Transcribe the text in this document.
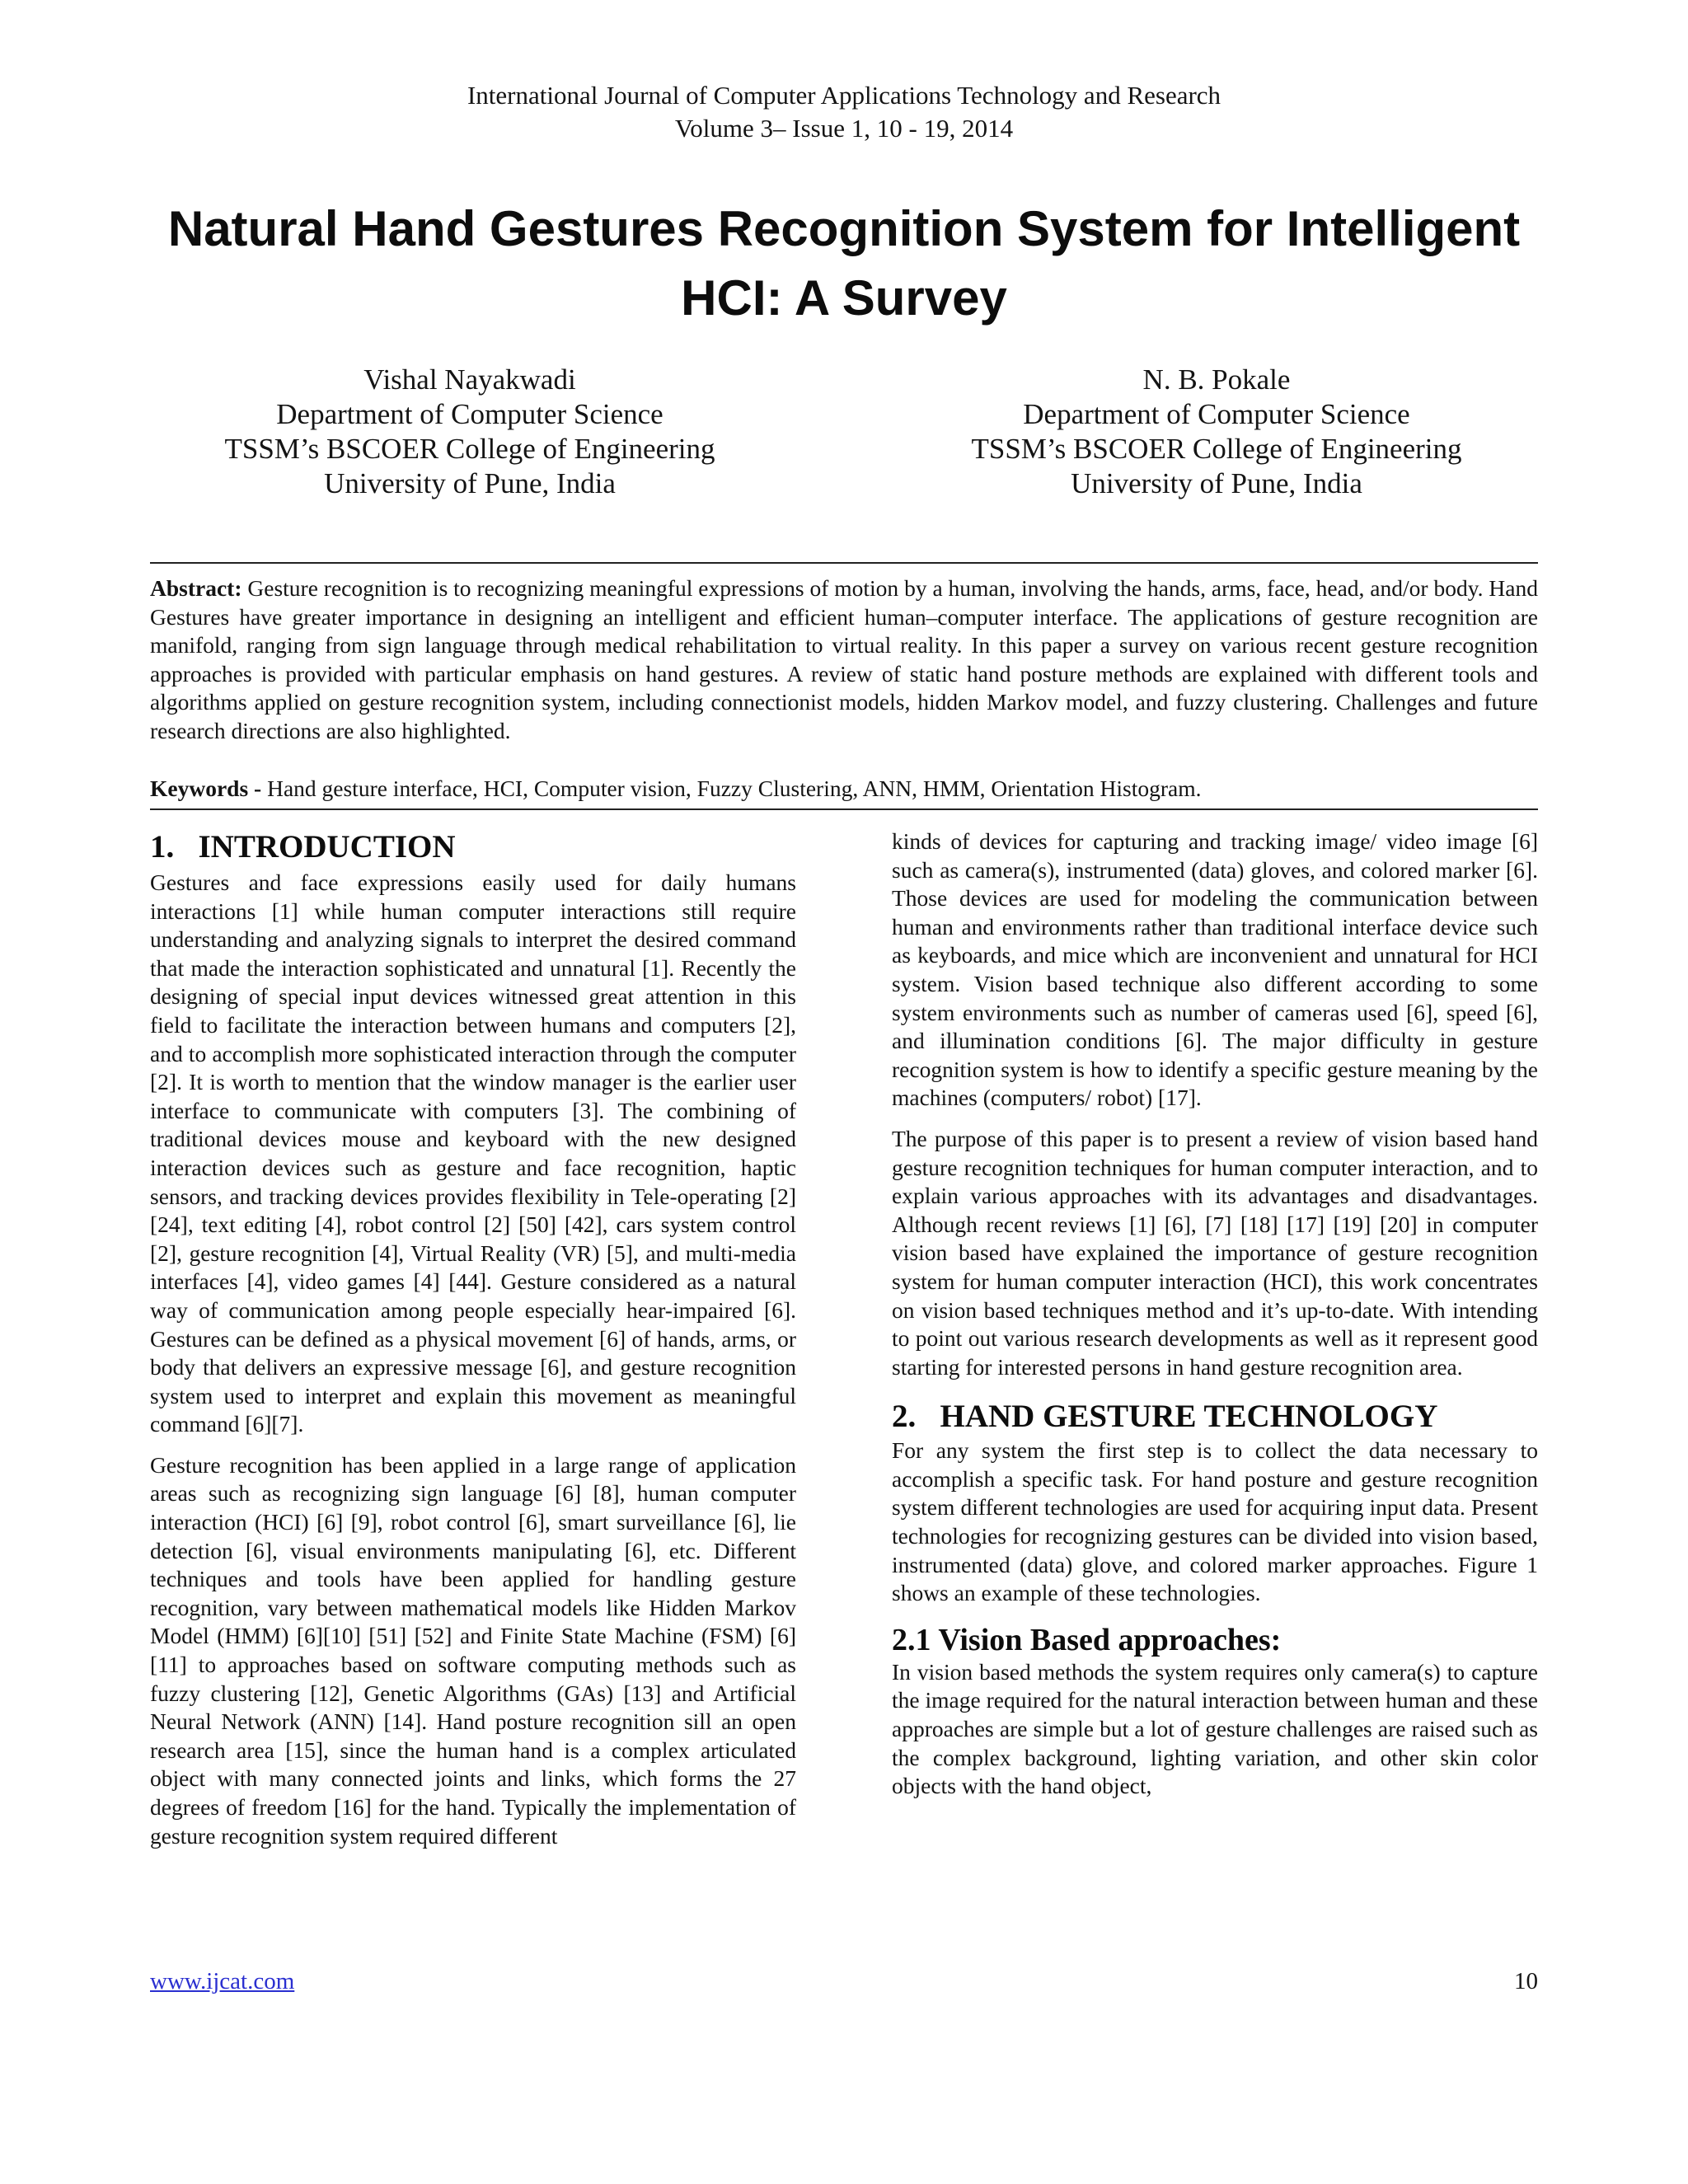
International Journal of Computer Applications Technology and Research
Volume 3– Issue 1, 10 - 19, 2014
Natural Hand Gestures Recognition System for Intelligent HCI: A Survey
Vishal Nayakwadi
Department of Computer Science
TSSM’s BSCOER College of Engineering
University of Pune, India
N. B. Pokale
Department of Computer Science
TSSM’s BSCOER College of Engineering
University of Pune, India

Abstract: Gesture recognition is to recognizing meaningful expressions of motion by a human, involving the hands, arms, face, head, and/or body. Hand Gestures have greater importance in designing an intelligent and efficient human–computer interface. The applications of gesture recognition are manifold, ranging from sign language through medical rehabilitation to virtual reality. In this paper a survey on various recent gesture recognition approaches is provided with particular emphasis on hand gestures. A review of static hand posture methods are explained with different tools and algorithms applied on gesture recognition system, including connectionist models, hidden Markov model, and fuzzy clustering. Challenges and future research directions are also highlighted.

Keywords - Hand gesture interface, HCI, Computer vision, Fuzzy Clustering, ANN, HMM, Orientation Histogram.

1.   INTRODUCTION

Gestures and face expressions easily used for daily humans interactions [1] while human computer interactions still require understanding and analyzing signals to interpret the desired command that made the interaction sophisticated and unnatural [1]. Recently the designing of special input devices witnessed great attention in this field to facilitate the interaction between humans and computers [2], and to accomplish more sophisticated interaction through the computer [2]. It is worth to mention that the window manager is the earlier user interface to communicate with computers [3]. The combining of traditional devices mouse and keyboard with the new designed interaction devices such as gesture and face recognition, haptic sensors, and tracking devices provides flexibility in Tele-operating [2] [24], text editing [4], robot control [2] [50] [42], cars system control [2], gesture recognition [4], Virtual Reality (VR) [5], and multi-media interfaces [4], video games [4] [44]. Gesture considered as a natural way of communication among people especially hear-impaired [6]. Gestures can be defined as a physical movement [6] of hands, arms, or body that delivers an expressive message [6], and gesture recognition system used to interpret and explain this movement as meaningful command [6][7].

Gesture recognition has been applied in a large range of application areas such as recognizing sign language [6] [8], human computer interaction (HCI) [6] [9], robot control [6], smart surveillance [6], lie detection [6], visual environments manipulating [6], etc. Different techniques and tools have been applied for handling gesture recognition, vary between mathematical models like Hidden Markov Model (HMM) [6][10] [51] [52] and Finite State Machine (FSM) [6][11] to approaches based on software computing methods such as fuzzy clustering [12], Genetic Algorithms (GAs) [13] and Artificial Neural Network (ANN) [14]. Hand posture recognition sill an open research area [15], since the human hand is a complex articulated object with many connected joints and links, which forms the 27 degrees of freedom [16] for the hand. Typically the implementation of gesture recognition system required different

kinds of devices for capturing and tracking image/ video image [6] such as camera(s), instrumented (data) gloves, and colored marker [6]. Those devices are used for modeling the communication between human and environments rather than traditional interface device such as keyboards, and mice which are inconvenient and unnatural for HCI system. Vision based technique also different according to some system environments such as number of cameras used [6], speed [6], and illumination conditions [6]. The major difficulty in gesture recognition system is how to identify a specific gesture meaning by the machines (computers/ robot) [17].

The purpose of this paper is to present a review of vision based hand gesture recognition techniques for human computer interaction, and to explain various approaches with its advantages and disadvantages. Although recent reviews [1] [6], [7] [18] [17] [19] [20] in computer vision based have explained the importance of gesture recognition system for human computer interaction (HCI), this work concentrates on vision based techniques method and it’s up-to-date. With intending to point out various research developments as well as it represent good starting for interested persons in hand gesture recognition area.

2.   HAND GESTURE TECHNOLOGY

For any system the first step is to collect the data necessary to accomplish a specific task. For hand posture and gesture recognition system different technologies are used for acquiring input data. Present technologies for recognizing gestures can be divided into vision based, instrumented (data) glove, and colored marker approaches. Figure 1 shows an example of these technologies.

2.1 Vision Based approaches:

In vision based methods the system requires only camera(s) to capture the image required for the natural interaction between human and these approaches are simple but a lot of gesture challenges are raised such as the complex background, lighting variation, and other skin color objects with the hand object,

www.ijcat.com	10
